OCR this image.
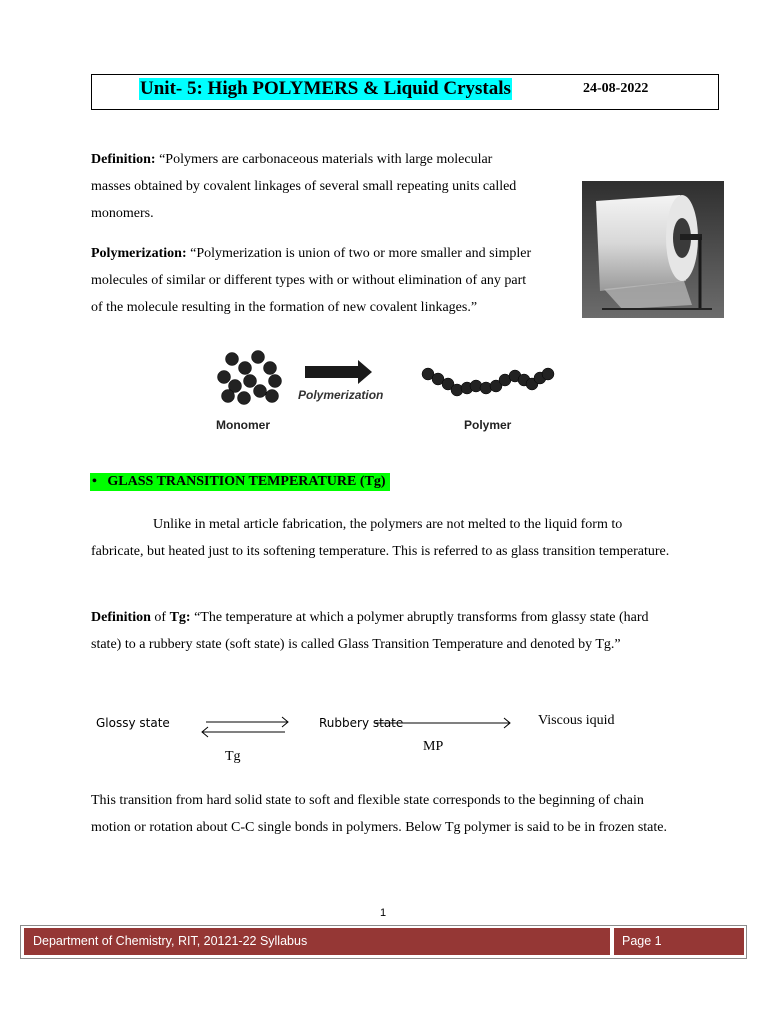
Unit- 5: High POLYMERS & Liquid Crystals	24-08-2022
Definition: “Polymers are carbonaceous materials with large molecular masses obtained by covalent linkages of several small repeating units called monomers.
Polymerization: “Polymerization is union of two or more smaller and simpler molecules of similar or different types with or without elimination of any part of the molecule resulting in the formation of new covalent linkages.”
Polymerization
Monomer	Polymer
• GLASS TRANSITION TEMPERATURE (Tg)
Unlike in metal article fabrication, the polymers are not melted to the liquid form to fabricate, but heated just to its softening temperature. This is referred to as glass transition temperature.
Definition of Tg: “The temperature at which a polymer abruptly transforms from glassy state (hard state) to a rubbery state (soft state) is called Glass Transition Temperature and denoted by Tg.”
Glossy state	Rubbery state	Viscous iquid
Tg
MP
This transition from hard solid state to soft and flexible state corresponds to the beginning of chain motion or rotation about C-C single bonds in polymers. Below Tg polymer is said to be in frozen state.
1
Department of Chemistry, RIT, 20121-22 Syllabus	Page 1
